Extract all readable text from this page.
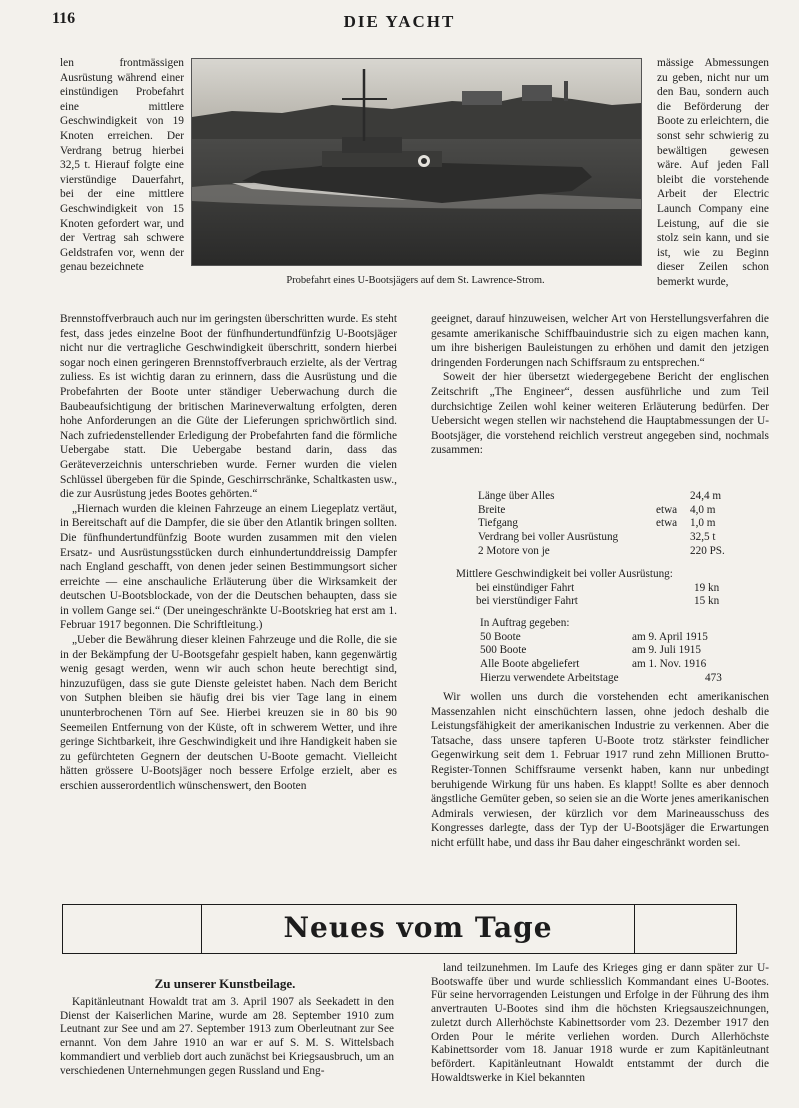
116	DIE YACHT

len frontmässigen Ausrüstung während einer einstündigen Probefahrt eine mittlere Geschwindigkeit von 19 Knoten erreichen. Der Verdrang betrug hierbei 32,5 t. Hierauf folgte eine vierstündige Dauerfahrt, bei der eine mittlere Geschwindigkeit von 15 Knoten gefordert war, und der Vertrag sah schwere Geldstrafen vor, wenn der genau bezeichnete

Probefahrt eines U-Bootsjägers auf dem St. Lawrence-Strom.

mässige Abmessungen zu geben, nicht nur um den Bau, sondern auch die Beförderung der Boote zu erleichtern, die sonst sehr schwierig zu bewältigen gewesen wäre. Auf jeden Fall bleibt die vorstehende Arbeit der Electric Launch Company eine Leistung, auf die sie stolz sein kann, und sie ist, wie zu Beginn dieser Zeilen schon bemerkt wurde,

Brennstoffverbrauch auch nur im geringsten überschritten wurde. Es steht fest, dass jedes einzelne Boot der fünfhundertundfünfzig U-Bootsjäger nicht nur die vertragliche Geschwindigkeit überschritt, sondern hierbei sogar noch einen geringeren Brennstoffverbrauch erzielte, als der Vertrag zuliess. Es ist wichtig daran zu erinnern, dass die Ausrüstung und die Probefahrten der Boote unter ständiger Ueberwachung durch die Baubeaufsichtigung der britischen Marineverwaltung erfolgten, deren hohe Anforderungen an die Güte der Lieferungen sprichwörtlich sind. Nach zufriedenstellender Erledigung der Probefahrten fand die förmliche Uebergabe statt. Die Uebergabe bestand darin, dass das Geräteverzeichnis unterschrieben wurde. Ferner wurden die vielen Schlüssel übergeben für die Spinde, Geschirrschränke, Schaltkasten usw., die zur Ausrüstung jedes Bootes gehörten.“

„Hiernach wurden die kleinen Fahrzeuge an einem Liegeplatz vertäut, in Bereitschaft auf die Dampfer, die sie über den Atlantik bringen sollten. Die fünfhundertundfünfzig Boote wurden zusammen mit den vielen Ersatz- und Ausrüstungsstücken durch einhundertunddreissig Dampfer nach England geschafft, von denen jeder seinen Bestimmungsort sicher erreichte — eine anschauliche Erläuterung über die Wirksamkeit der deutschen U-Bootsblockade, von der die Deutschen behaupten, dass sie in vollem Gange sei.“ (Der uneingeschränkte U-Bootskrieg hat erst am 1. Februar 1917 begonnen. Die Schriftleitung.)

„Ueber die Bewährung dieser kleinen Fahrzeuge und die Rolle, die sie in der Bekämpfung der U-Bootsgefahr gespielt haben, kann gegenwärtig wenig gesagt werden, wenn wir auch schon heute berechtigt sind, hinzuzufügen, dass sie gute Dienste geleistet haben. Nach dem Bericht von Sutphen bleiben sie häufig drei bis vier Tage lang in einem ununterbrochenen Törn auf See. Hierbei kreuzen sie in 80 bis 90 Seemeilen Entfernung von der Küste, oft in schwerem Wetter, und ihre geringe Sichtbarkeit, ihre Geschwindigkeit und ihre Handigkeit haben sie zu gefürchteten Gegnern der deutschen U-Boote gemacht. Vielleicht hätten grössere U-Bootsjäger noch bessere Erfolge erzielt, aber es erschien ausserordentlich wünschenswert, den Booten

geeignet, darauf hinzuweisen, welcher Art von Herstellungsverfahren die gesamte amerikanische Schiffbauindustrie sich zu eigen machen kann, um ihre bisherigen Bauleistungen zu erhöhen und damit den jetzigen dringenden Forderungen nach Schiffsraum zu entsprechen.“

Soweit der hier übersetzt wiedergegebene Bericht der englischen Zeitschrift „The Engineer“, dessen ausführliche und zum Teil durchsichtige Zeilen wohl keiner weiteren Erläuterung bedürfen. Der Uebersicht wegen stellen wir nachstehend die Hauptabmessungen der U-Bootsjäger, die vorstehend reichlich verstreut angegeben sind, nochmals zusammen:

Länge über Alles	24,4 m
Breite	etwa 4,0 m
Tiefgang	etwa 1,0 m
Verdrang bei voller Ausrüstung	32,5 t
2 Motore von je	220 PS.
Mittlere Geschwindigkeit bei voller Ausrüstung:
bei einstündiger Fahrt	19 kn
bei vierstündiger Fahrt	15 kn
In Auftrag gegeben:
50 Boote	am 9. April 1915
500 Boote	am 9. Juli 1915
Alle Boote abgeliefert	am 1. Nov. 1916
Hierzu verwendete Arbeitstage	473

Wir wollen uns durch die vorstehenden echt amerikanischen Massenzahlen nicht einschüchtern lassen, ohne jedoch deshalb die Leistungsfähigkeit der amerikanischen Industrie zu verkennen. Aber die Tatsache, dass unsere tapferen U-Boote trotz stärkster feindlicher Gegenwirkung seit dem 1. Februar 1917 rund zehn Millionen Brutto-Register-Tonnen Schiffsraume versenkt haben, kann nur unbedingt beruhigende Wirkung für uns haben. Es klappt! Sollte es aber dennoch ängstliche Gemüter geben, so seien sie an die Worte jenes amerikanischen Admirals verwiesen, der kürzlich vor dem Marineausschuss des Kongresses darlegte, dass der Typ der U-Bootsjäger die Erwartungen nicht erfüllt habe, und dass ihr Bau daher eingeschränkt worden sei.

Neues vom Tage
Zu unserer Kunstbeilage.

Kapitänleutnant Howaldt trat am 3. April 1907 als Seekadett in den Dienst der Kaiserlichen Marine, wurde am 28. September 1910 zum Leutnant zur See und am 27. September 1913 zum Oberleutnant zur See ernannt. Von dem Jahre 1910 an war er auf S. M. S. Wittelsbach kommandiert und verblieb dort auch zunächst bei Kriegsausbruch, um an verschiedenen Unternehmungen gegen Russland und Eng-

land teilzunehmen. Im Laufe des Krieges ging er dann später zur U-Bootswaffe über und wurde schliesslich Kommandant eines U-Bootes. Für seine hervorragenden Leistungen und Erfolge in der Führung des ihm anvertrauten U-Bootes sind ihm die höchsten Kriegsauszeichnungen, zuletzt durch Allerhöchste Kabinettsorder vom 23. Dezember 1917 den Orden Pour le mérite verliehen worden. Durch Allerhöchste Kabinettsorder vom 18. Januar 1918 wurde er zum Kapitänleutnant befördert. Kapitänleutnant Howaldt entstammt der durch die Howaldtswerke in Kiel bekannten
